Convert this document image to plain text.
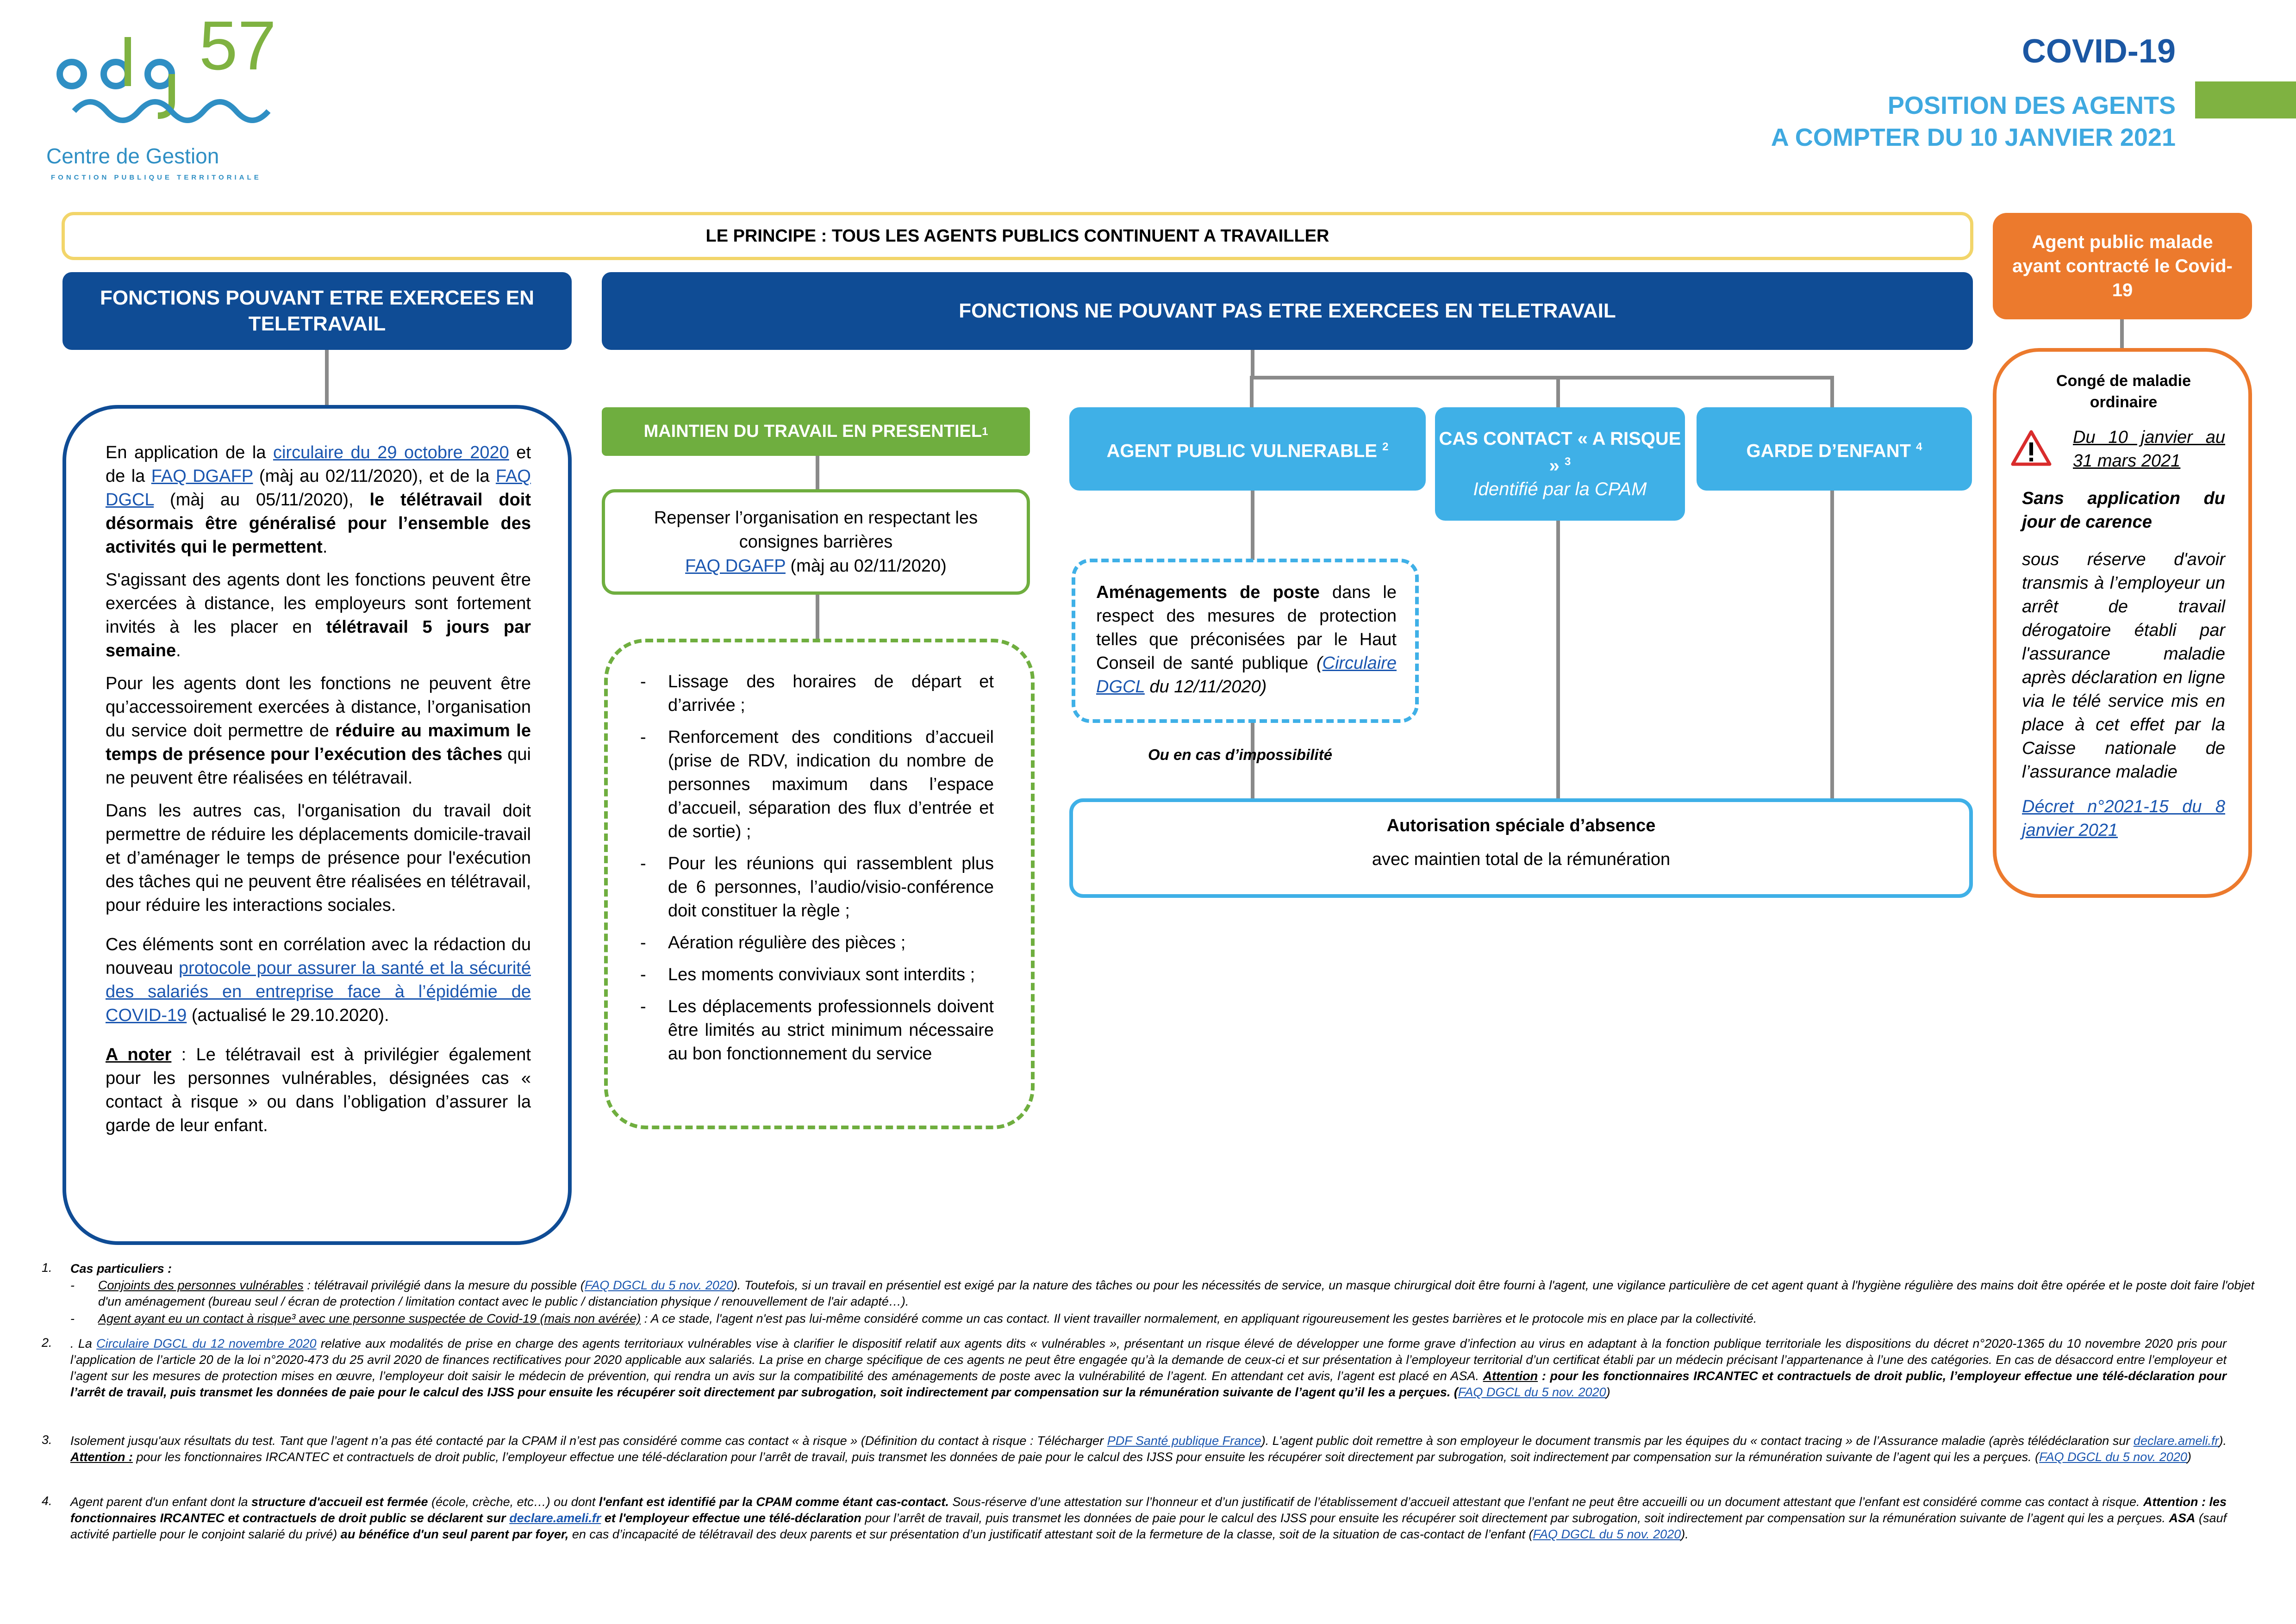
57
Centre de Gestion
FONCTION PUBLIQUE TERRITORIALE
COVID-19
POSITION DES AGENTS
A COMPTER DU 10 JANVIER 2021
LE PRINCIPE : TOUS LES AGENTS PUBLICS CONTINUENT A TRAVAILLER
FONCTIONS POUVANT ETRE EXERCEES EN TELETRAVAIL

En application de la circulaire du 29 octobre 2020 et de la FAQ DGAFP (màj au 02/11/2020), et de la FAQ DGCL (màj au 05/11/2020), le télétravail doit désormais être généralisé pour l’ensemble des activités qui le permettent.

S'agissant des agents dont les fonctions peuvent être exercées à distance, les employeurs sont fortement invités à les placer en télétravail 5 jours par semaine.

Pour les agents dont les fonctions ne peuvent être qu’accessoirement exercées à distance, l’organisation du service doit permettre de réduire au maximum le temps de présence pour l’exécution des tâches qui ne peuvent être réalisées en télétravail.

Dans les autres cas, l'organisation du travail doit permettre de réduire les déplacements domicile-travail et d’aménager le temps de présence pour l'exécution des tâches qui ne peuvent être réalisées en télétravail, pour réduire les interactions sociales.

Ces éléments sont en corrélation avec la rédaction du nouveau protocole pour assurer la santé et la sécurité des salariés en entreprise face à l’épidémie de COVID-19 (actualisé le 29.10.2020).

A noter : Le télétravail est à privilégier également pour les personnes vulnérables, désignées cas « contact à risque » ou dans l’obligation d’assurer la garde de leur enfant.

FONCTIONS NE POUVANT PAS ETRE EXERCEES EN TELETRAVAIL
MAINTIEN DU TRAVAIL EN PRESENTIEL 1
Repenser l’organisation en respectant les consignes barrières
FAQ DGAFP (màj au 02/11/2020)
- Lissage des horaires de départ et d’arrivée ;
- Renforcement des conditions d’accueil (prise de RDV, indication du nombre de personnes maximum dans l’espace d’accueil, séparation des flux d’entrée et de sortie) ;
- Pour les réunions qui rassemblent plus de 6 personnes, l’audio/visio-conférence doit constituer la règle ;
- Aération régulière des pièces ;
- Les moments conviviaux sont interdits ;
- Les déplacements professionnels doivent être limités au strict minimum nécessaire au bon fonctionnement du service
AGENT PUBLIC VULNERABLE $^2$	CAS CONTACT « A RISQUE » $^3$
Identifié par la CPAM
GARDE D’ENFANT $^4$
Aménagements de poste dans le respect des mesures de protection telles que préconisées par le Haut Conseil de santé publique (Circulaire DGCL du 12/11/2020)
Ou en cas d’impossibilité
Autorisation spéciale d’absence
avec maintien total de la rémunération
Agent public malade ayant contracté le Covid-19
Congé de maladie ordinaire
Du 10 janvier au 31 mars 2021
Sans application du jour de carence
sous réserve d'avoir transmis à l’employeur un arrêt de travail dérogatoire établi par l'assurance maladie après déclaration en ligne via le télé service mis en place à cet effet par la Caisse nationale de l’assurance maladie
Décret n°2021-15 du 8 janvier 2021
1. Cas particuliers :
- Conjoints des personnes vulnérables : télétravail privilégié dans la mesure du possible (FAQ DGCL du 5 nov. 2020). Toutefois, si un travail en présentiel est exigé par la nature des tâches ou pour les nécessités de service, un masque chirurgical doit être fourni à l'agent, une vigilance particulière de cet agent quant à l'hygiène régulière des mains doit être opérée et le poste doit faire l'objet d'un aménagement (bureau seul / écran de protection / limitation contact avec le public / distanciation physique / renouvellement de l'air adapté…).
- Agent ayant eu un contact à risque³ avec une personne suspectée de Covid-19 (mais non avérée) : A ce stade, l'agent n'est pas lui-même considéré comme un cas contact. Il vient travailler normalement, en appliquant rigoureusement les gestes barrières et le protocole mis en place par la collectivité.
2. . La Circulaire DGCL du 12 novembre 2020 relative aux modalités de prise en charge des agents territoriaux vulnérables vise à clarifier le dispositif relatif aux agents dits « vulnérables », présentant un risque élevé de développer une forme grave d’infection au virus en adaptant à la fonction publique territoriale les dispositions du décret n°2020-1365 du 10 novembre 2020 pris pour l’application de l’article 20 de la loi n°2020-473 du 25 avril 2020 de finances rectificatives pour 2020 applicable aux salariés. La prise en charge spécifique de ces agents ne peut être engagée qu’à la demande de ceux-ci et sur présentation à l’employeur territorial d’un certificat établi par un médecin précisant l’appartenance à l’une des catégories. En cas de désaccord entre l’employeur et l’agent sur les mesures de protection mises en œuvre, l’employeur doit saisir le médecin de prévention, qui rendra un avis sur la compatibilité des aménagements de poste avec la vulnérabilité de l’agent. En attendant cet avis, l’agent est placé en ASA. Attention : pour les fonctionnaires IRCANTEC et contractuels de droit public, l’employeur effectue une télé-déclaration pour l’arrêt de travail, puis transmet les données de paie pour le calcul des IJSS pour ensuite les récupérer soit directement par subrogation, soit indirectement par compensation sur la rémunération suivante de l’agent qu’il les a perçues. (FAQ DGCL du 5 nov. 2020)
3. Isolement jusqu'aux résultats du test. Tant que l’agent n’a pas été contacté par la CPAM il n’est pas considéré comme cas contact « à risque » (Définition du contact à risque : Télécharger PDF Santé publique France). L’agent public doit remettre à son employeur le document transmis par les équipes du « contact tracing » de l’Assurance maladie (après télédéclaration sur declare.ameli.fr). Attention : pour les fonctionnaires IRCANTEC et contractuels de droit public, l’employeur effectue une télé-déclaration pour l’arrêt de travail, puis transmet les données de paie pour le calcul des IJSS pour ensuite les récupérer soit directement par subrogation, soit indirectement par compensation sur la rémunération suivante de l’agent qui les a perçues. (FAQ DGCL du 5 nov. 2020)
4. Agent parent d'un enfant dont la structure d'accueil est fermée (école, crèche, etc…) ou dont l'enfant est identifié par la CPAM comme étant cas-contact. Sous-réserve d’une attestation sur l’honneur et d’un justificatif de l’établissement d’accueil attestant que l’enfant ne peut être accueilli ou un document attestant que l’enfant est considéré comme cas contact à risque. Attention : les fonctionnaires IRCANTEC et contractuels de droit public se déclarent sur declare.ameli.fr et l'employeur effectue une télé-déclaration pour l’arrêt de travail, puis transmet les données de paie pour le calcul des IJSS pour ensuite les récupérer soit directement par subrogation, soit indirectement par compensation sur la rémunération suivante de l’agent qui les a perçues. ASA (sauf activité partielle pour le conjoint salarié du privé) au bénéfice d'un seul parent par foyer, en cas d’incapacité de télétravail des deux parents et sur présentation d’un justificatif attestant soit de la fermeture de la classe, soit de la situation de cas-contact de l’enfant (FAQ DGCL du 5 nov. 2020).
